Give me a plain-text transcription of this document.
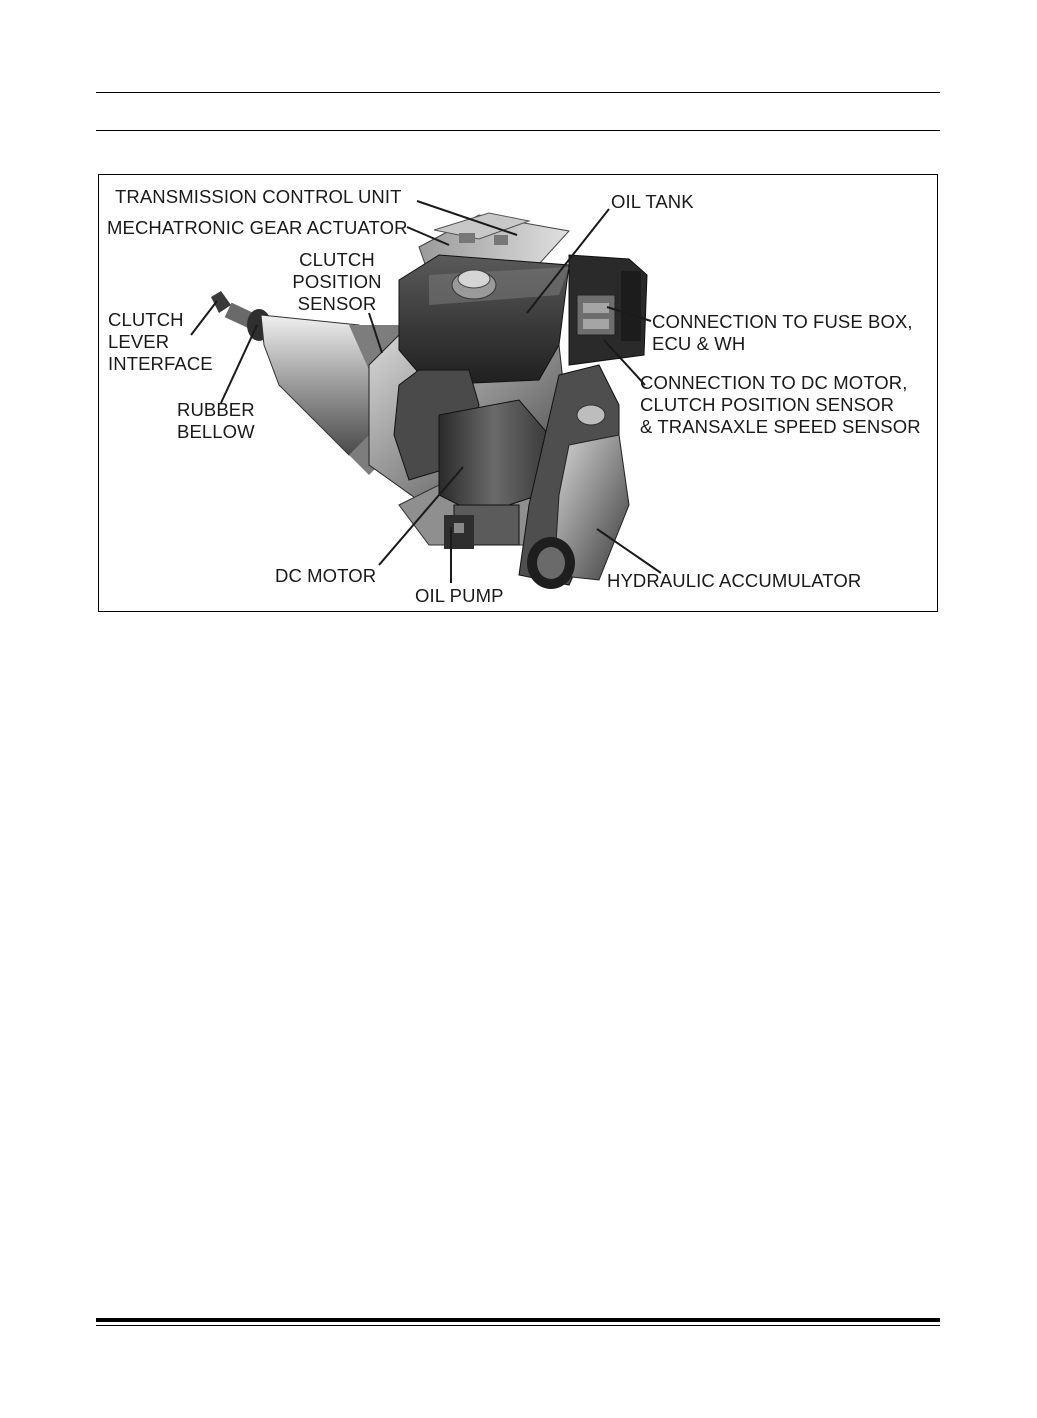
TRANSMISSION CONTROL UNIT
MECHATRONIC GEAR ACTUATOR
CLUTCH
POSITION
SENSOR
OIL TANK
CLUTCH
LEVER
INTERFACE
RUBBER
BELLOW
CONNECTION TO FUSE BOX,
ECU & WH
CONNECTION TO DC MOTOR,
CLUTCH POSITION SENSOR
& TRANSAXLE SPEED SENSOR
DC MOTOR
OIL PUMP
HYDRAULIC ACCUMULATOR
